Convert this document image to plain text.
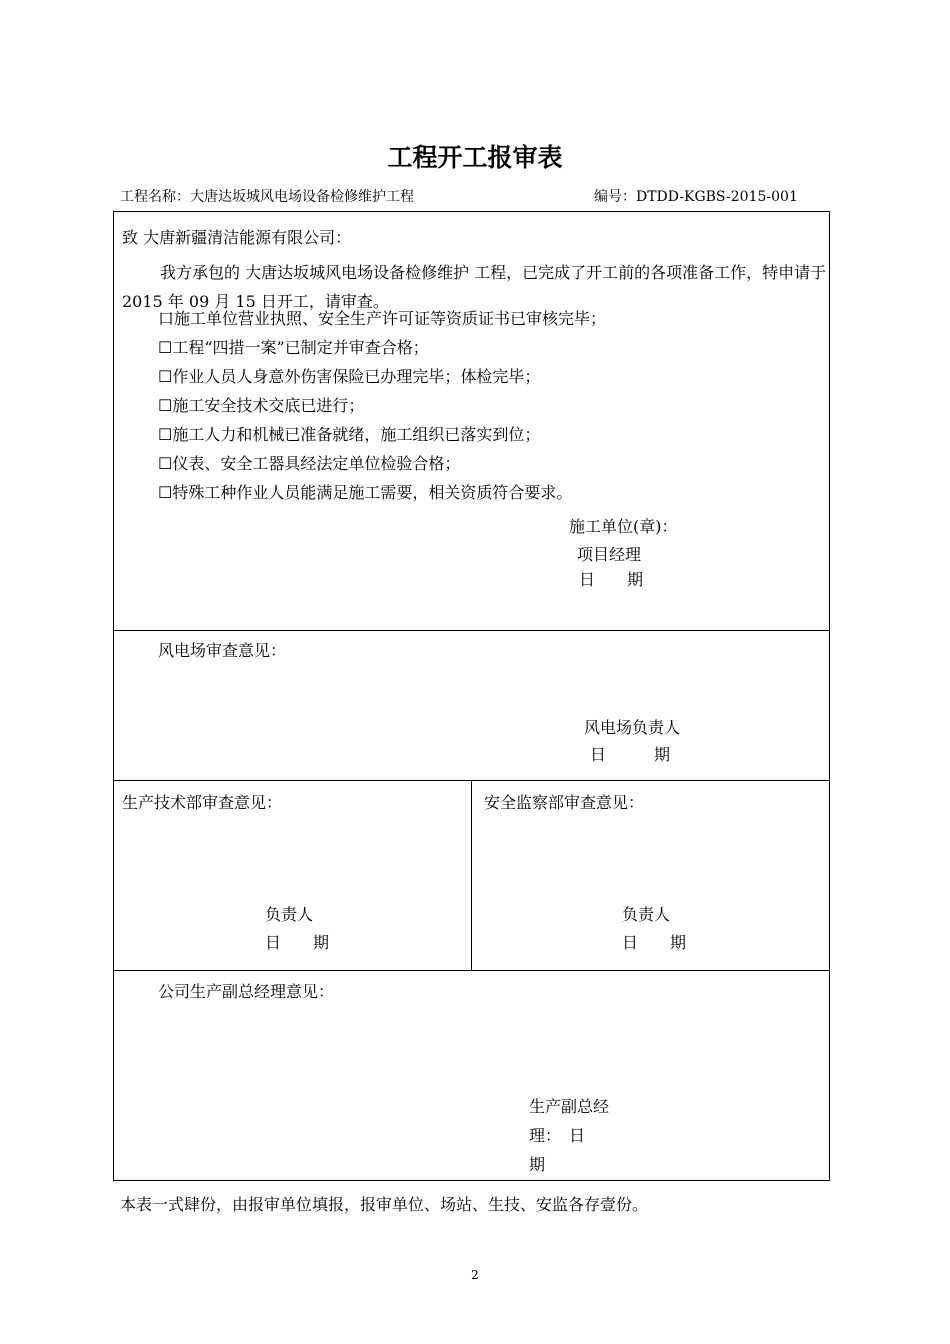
工程开工报审表
工程名称：大唐达坂城风电场设备检修维护工程	编号：DTDD-KGBS-2015-001
致 大唐新疆清洁能源有限公司：
我方承包的 大唐达坂城风电场设备检修维护 工程，已完成了开工前的各项准备工作，特申请于 2015 年 09 月 15 日开工，请审查。
口施工单位营业执照、安全生产许可证等资质证书已审核完毕；
☐工程“四措一案”已制定并审查合格；
☐作业人员人身意外伤害保险已办理完毕；体检完毕；
☐施工安全技术交底已进行；
☐施工人力和机械已准备就绪，施工组织已落实到位；
☐仪表、安全工器具经法定单位检验合格；
☐特殊工种作业人员能满足施工需要，相关资质符合要求。
施工单位(章)：
项目经理
日　　期
风电场审查意见：
风电场负责人
日　　　期
生产技术部审查意见：
负责人
日　　期
安全监察部审查意见：
负责人
日　　期
公司生产副总经理意见：
生产副总经
理：　日
期
本表一式肆份，由报审单位填报，报审单位、场站、生技、安监各存壹份。
2
